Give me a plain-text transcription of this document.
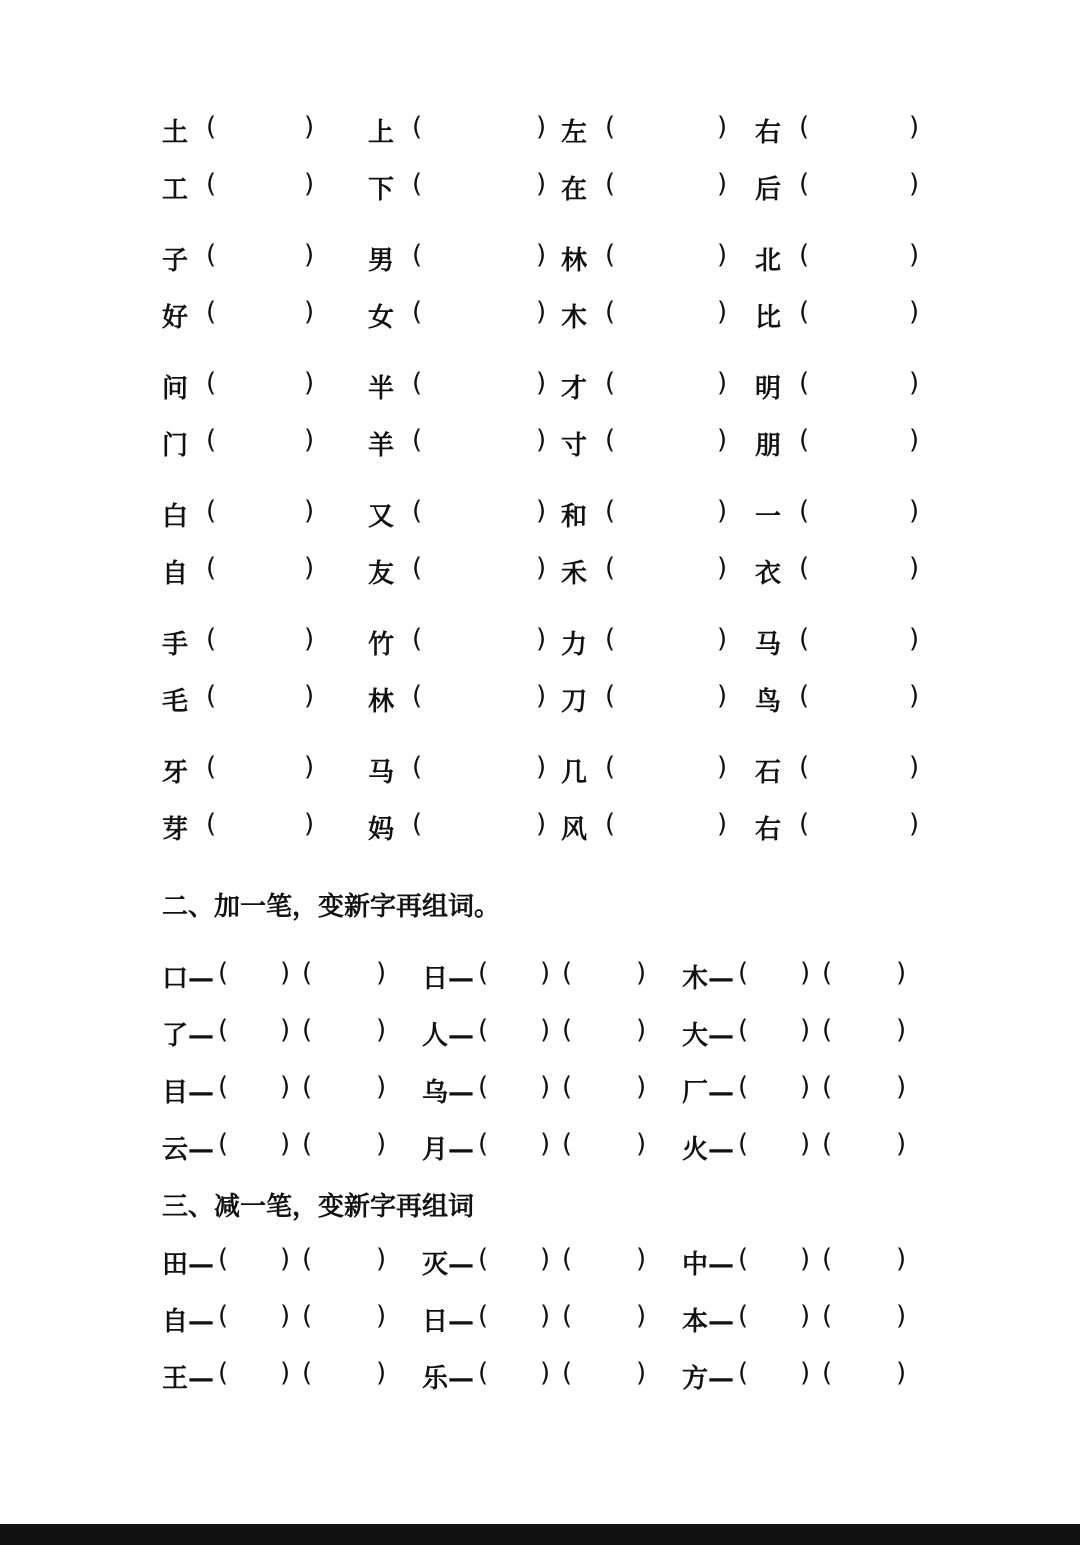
土 (	) 上 (	) 左 (	) 右 (	)
工 (	) 下 (	) 在 (	) 后 (	)
子 (	) 男 (	) 林 (	) 北 (	)
好 (	) 女 (	) 木 (	) 比 (	)
问 (	) 半 (	) 才 (	) 明 (	)
门 (	) 羊 (	) 寸 (	) 朋 (	)
白 (	) 又 (	) 和 (	) 一 (	)
自 (	) 友 (	) 禾 (	) 衣 (	)
手 (	) 竹 (	) 力 (	) 马 (	)
毛 (	) 林 (	) 刀 (	) 鸟 (	)
牙 (	) 马 (	) 几 (	) 石 (	)
芽 (	) 妈 (	) 风 (	) 右 (	)
二、加一笔，变新字再组词。
口— ( ) ( ) 日— ( ) ( ) 木— ( ) ( )
了— ( ) ( ) 人— ( ) ( ) 大— ( ) ( )
目— ( ) ( ) 乌— ( ) ( ) 厂— ( ) ( )
云— ( ) ( ) 月— ( ) ( ) 火— ( ) ( )
三、减一笔，变新字再组词
田— ( ) ( ) 灭— ( ) ( ) 中— ( ) ( )
自— ( ) ( ) 日— ( ) ( ) 本— ( ) ( )
王— ( ) ( ) 乐— ( ) ( ) 方— ( ) ( )
